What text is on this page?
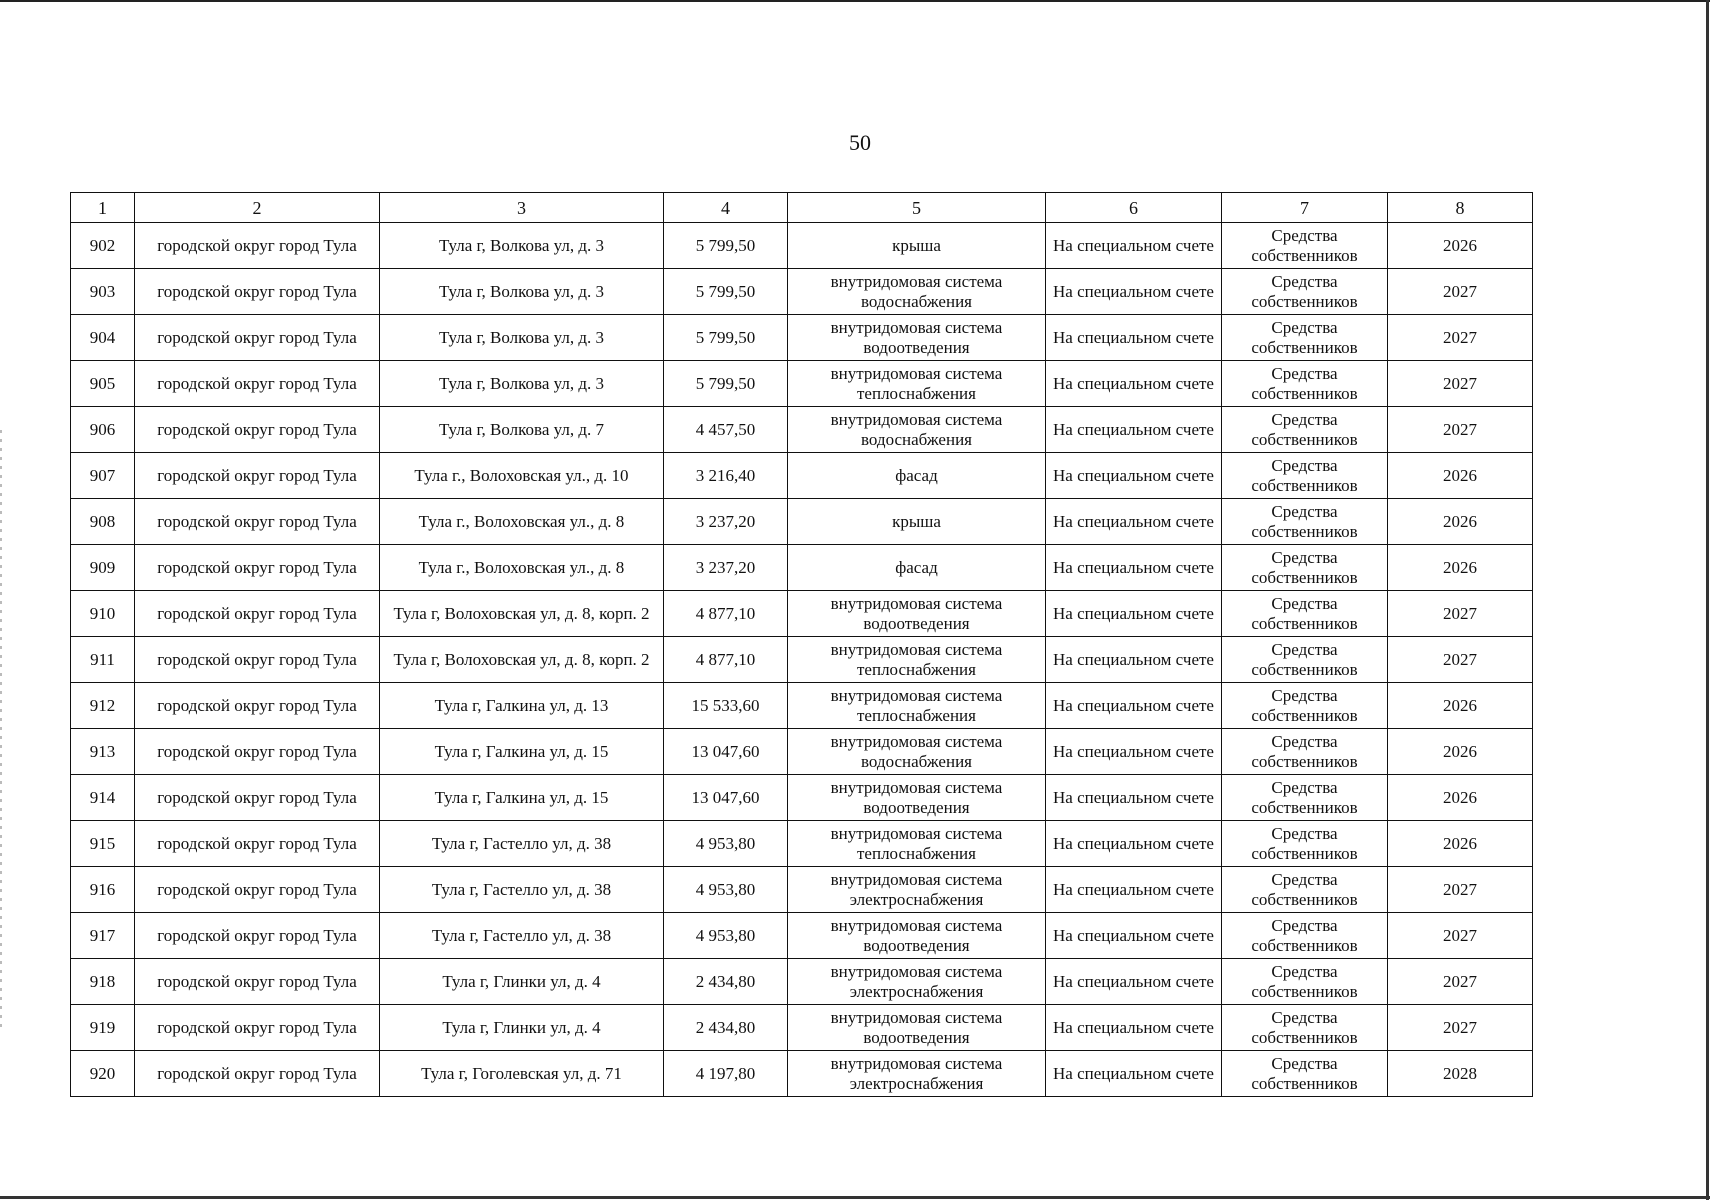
50
1	2	3	4	5	6	7	8
902	городской округ город Тула	Тула г, Волкова ул, д. 3	5 799,50	крыша	На специальном счете	Средства собственников	2026
903	городской округ город Тула	Тула г, Волкова ул, д. 3	5 799,50	внутридомовая система водоснабжения	На специальном счете	Средства собственников	2027
904	городской округ город Тула	Тула г, Волкова ул, д. 3	5 799,50	внутридомовая система водоотведения	На специальном счете	Средства собственников	2027
905	городской округ город Тула	Тула г, Волкова ул, д. 3	5 799,50	внутридомовая система теплоснабжения	На специальном счете	Средства собственников	2027
906	городской округ город Тула	Тула г, Волкова ул, д. 7	4 457,50	внутридомовая система водоснабжения	На специальном счете	Средства собственников	2027
907	городской округ город Тула	Тула г., Волоховская ул., д. 10	3 216,40	фасад	На специальном счете	Средства собственников	2026
908	городской округ город Тула	Тула г., Волоховская ул., д. 8	3 237,20	крыша	На специальном счете	Средства собственников	2026
909	городской округ город Тула	Тула г., Волоховская ул., д. 8	3 237,20	фасад	На специальном счете	Средства собственников	2026
910	городской округ город Тула	Тула г, Волоховская ул, д. 8, корп. 2	4 877,10	внутридомовая система водоотведения	На специальном счете	Средства собственников	2027
911	городской округ город Тула	Тула г, Волоховская ул, д. 8, корп. 2	4 877,10	внутридомовая система теплоснабжения	На специальном счете	Средства собственников	2027
912	городской округ город Тула	Тула г, Галкина ул, д. 13	15 533,60	внутридомовая система теплоснабжения	На специальном счете	Средства собственников	2026
913	городской округ город Тула	Тула г, Галкина ул, д. 15	13 047,60	внутридомовая система водоснабжения	На специальном счете	Средства собственников	2026
914	городской округ город Тула	Тула г, Галкина ул, д. 15	13 047,60	внутридомовая система водоотведения	На специальном счете	Средства собственников	2026
915	городской округ город Тула	Тула г, Гастелло ул, д. 38	4 953,80	внутридомовая система теплоснабжения	На специальном счете	Средства собственников	2026
916	городской округ город Тула	Тула г, Гастелло ул, д. 38	4 953,80	внутридомовая система электроснабжения	На специальном счете	Средства собственников	2027
917	городской округ город Тула	Тула г, Гастелло ул, д. 38	4 953,80	внутридомовая система водоотведения	На специальном счете	Средства собственников	2027
918	городской округ город Тула	Тула г, Глинки ул, д. 4	2 434,80	внутридомовая система электроснабжения	На специальном счете	Средства собственников	2027
919	городской округ город Тула	Тула г, Глинки ул, д. 4	2 434,80	внутридомовая система водоотведения	На специальном счете	Средства собственников	2027
920	городской округ город Тула	Тула г, Гоголевская ул, д. 71	4 197,80	внутридомовая система электроснабжения	На специальном счете	Средства собственников	2028
